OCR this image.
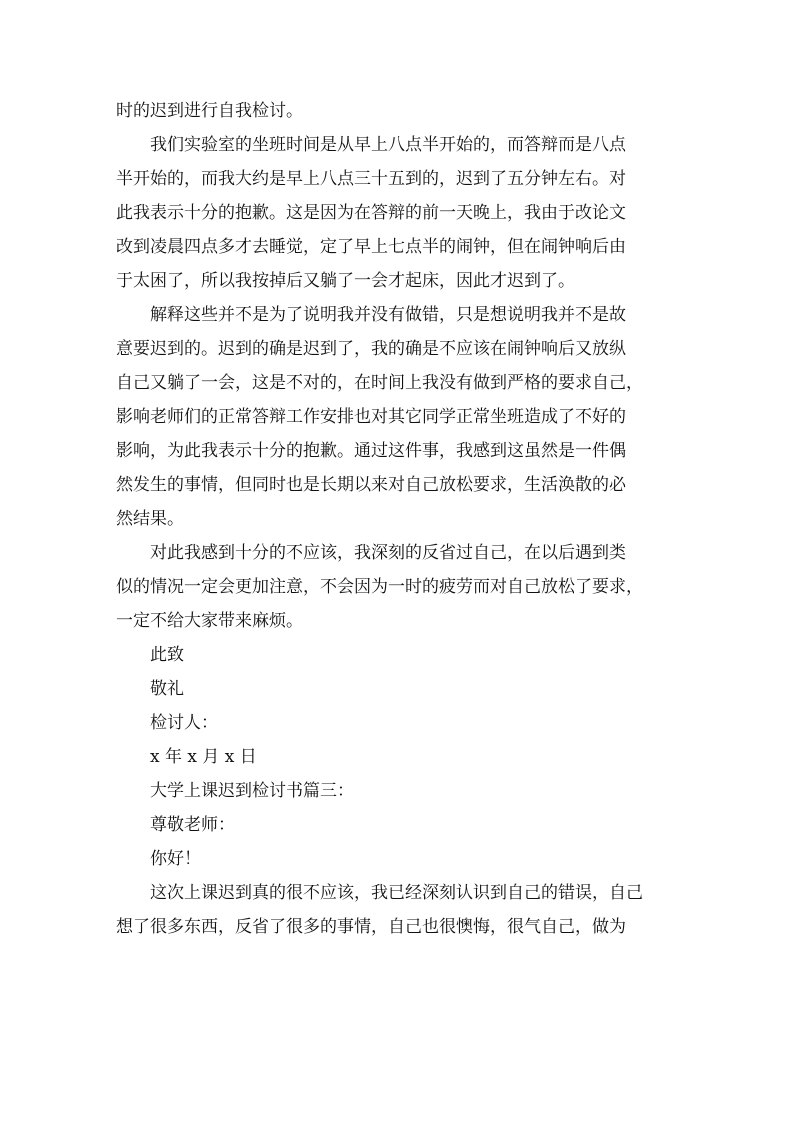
时的迟到进行自我检讨。
我们实验室的坐班时间是从早上八点半开始的，而答辩而是八点
半开始的，而我大约是早上八点三十五到的，迟到了五分钟左右。对
此我表示十分的抱歉。这是因为在答辩的前一天晚上，我由于改论文
改到凌晨四点多才去睡觉，定了早上七点半的闹钟，但在闹钟响后由
于太困了，所以我按掉后又躺了一会才起床，因此才迟到了。
解释这些并不是为了说明我并没有做错，只是想说明我并不是故
意要迟到的。迟到的确是迟到了，我的确是不应该在闹钟响后又放纵
自己又躺了一会，这是不对的，在时间上我没有做到严格的要求自己，
影响老师们的正常答辩工作安排也对其它同学正常坐班造成了不好的
影响，为此我表示十分的抱歉。通过这件事，我感到这虽然是一件偶
然发生的事情，但同时也是长期以来对自己放松要求，生活涣散的必
然结果。
对此我感到十分的不应该，我深刻的反省过自己，在以后遇到类
似的情况一定会更加注意，不会因为一时的疲劳而对自己放松了要求，
一定不给大家带来麻烦。
此致
敬礼
检讨人：
x 年 x 月 x 日
大学上课迟到检讨书篇三：
尊敬老师：
你好！
这次上课迟到真的很不应该，我已经深刻认识到自己的错误，自己
想了很多东西，反省了很多的事情，自己也很懊悔，很气自己，做为
